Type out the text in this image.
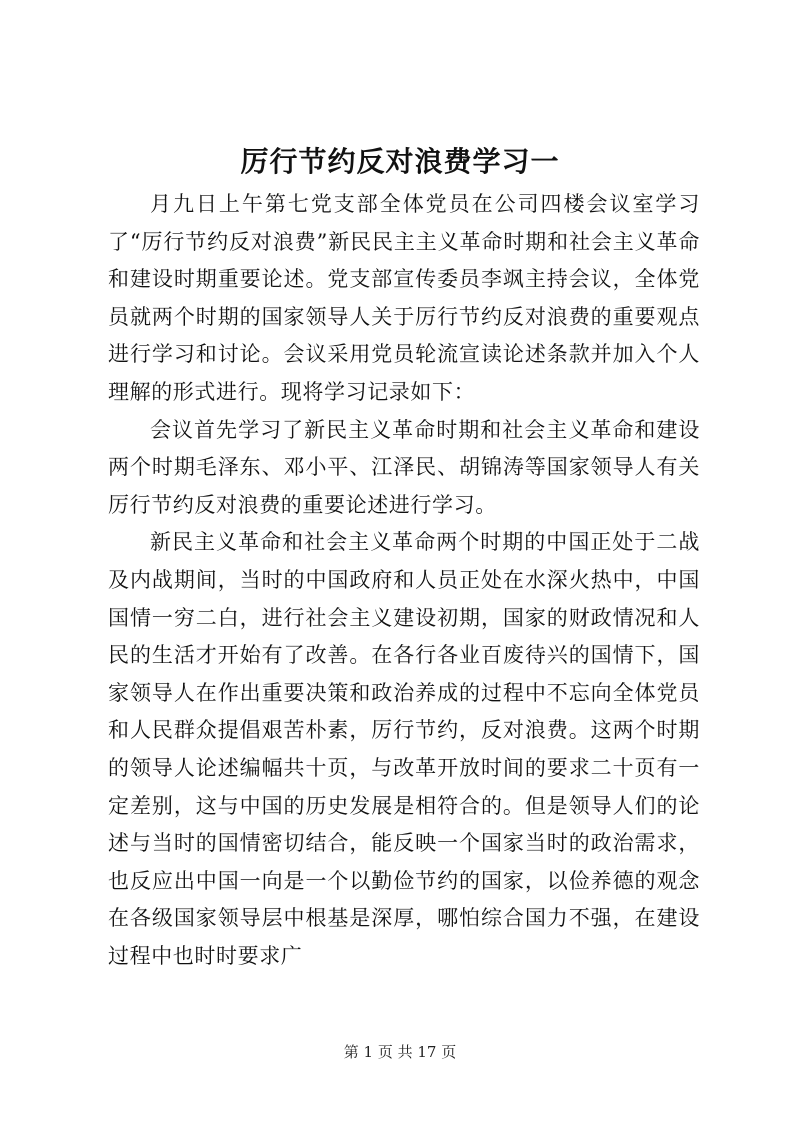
厉行节约反对浪费学习一

月九日上午第七党支部全体党员在公司四楼会议室学习了“厉行节约反对浪费”新民民主主义革命时期和社会主义革命和建设时期重要论述。党支部宣传委员李飒主持会议，全体党员就两个时期的国家领导人关于厉行节约反对浪费的重要观点进行学习和讨论。会议采用党员轮流宣读论述条款并加入个人理解的形式进行。现将学习记录如下：

会议首先学习了新民主义革命时期和社会主义革命和建设两个时期毛泽东、邓小平、江泽民、胡锦涛等国家领导人有关厉行节约反对浪费的重要论述进行学习。

新民主义革命和社会主义革命两个时期的中国正处于二战及内战期间，当时的中国政府和人员正处在水深火热中，中国国情一穷二白，进行社会主义建设初期，国家的财政情况和人民的生活才开始有了改善。在各行各业百废待兴的国情下，国家领导人在作出重要决策和政治养成的过程中不忘向全体党员和人民群众提倡艰苦朴素，厉行节约，反对浪费。这两个时期的领导人论述编幅共十页，与改革开放时间的要求二十页有一定差别，这与中国的历史发展是相符合的。但是领导人们的论述与当时的国情密切结合，能反映一个国家当时的政治需求，也反应出中国一向是一个以勤俭节约的国家，以俭养德的观念在各级国家领导层中根基是深厚，哪怕综合国力不强，在建设过程中也时时要求广

第 1 页 共 17 页
